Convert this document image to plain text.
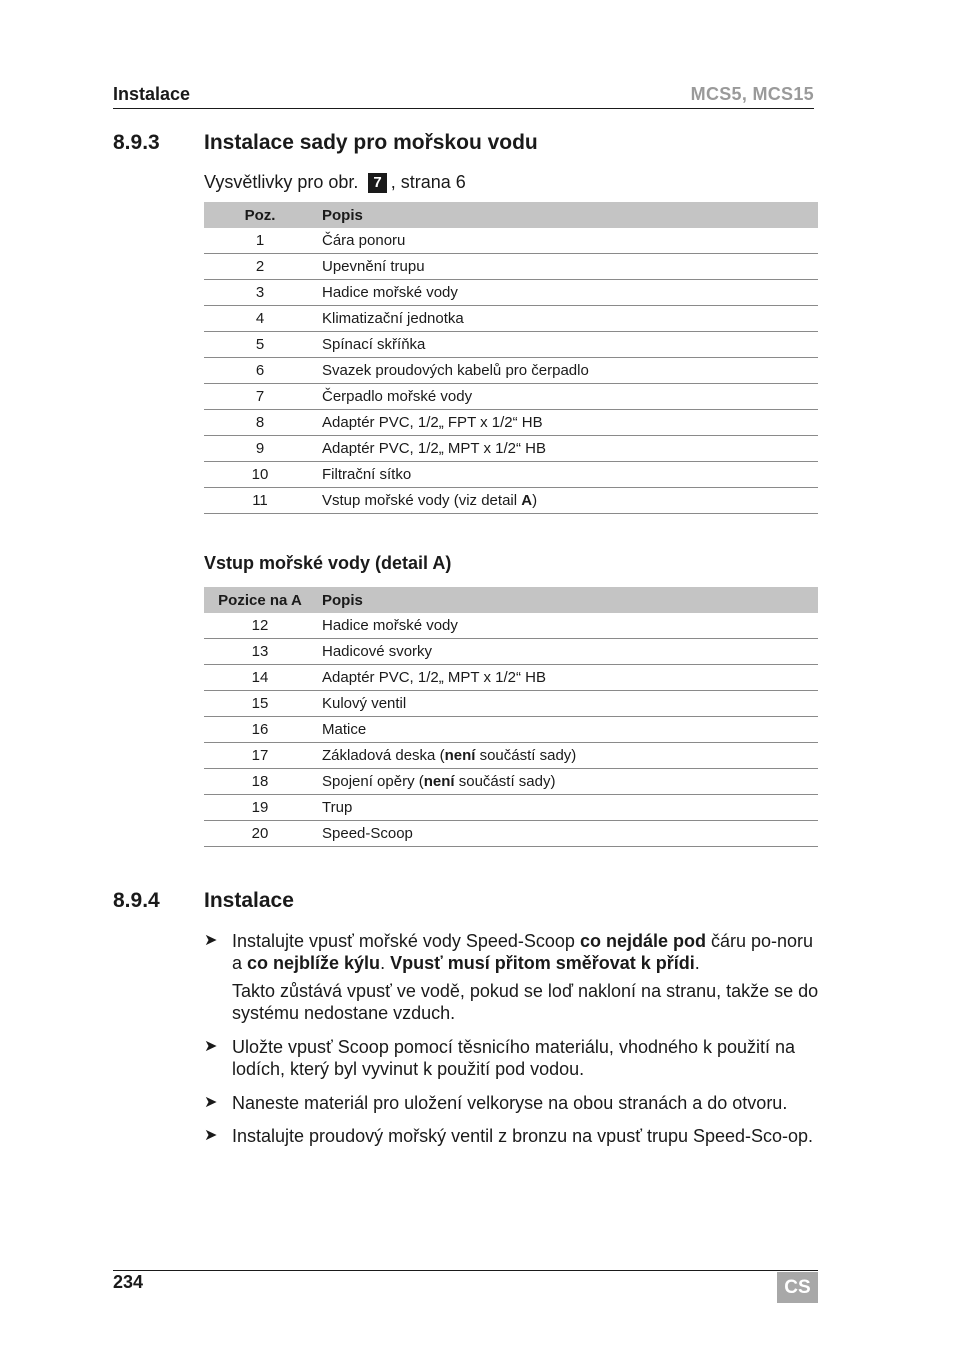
Instalace	MCS5, MCS15
8.9.3 Instalace sady pro mořskou vodu
Vysvětlivky pro obr. 7 , strana 6
Poz.	Popis
1	Čára ponoru
2	Upevnění trupu
3	Hadice mořské vody
4	Klimatizační jednotka
5	Spínací skříňka
6	Svazek proudových kabelů pro čerpadlo
7	Čerpadlo mořské vody
8	Adaptér PVC, 1/2„ FPT x 1/2“ HB
9	Adaptér PVC, 1/2„ MPT x 1/2“ HB
10	Filtrační sítko
11	Vstup mořské vody (viz detail A)
Vstup mořské vody (detail A)
Pozice na A	Popis
12	Hadice mořské vody
13	Hadicové svorky
14	Adaptér PVC, 1/2„ MPT x 1/2“ HB
15	Kulový ventil
16	Matice
17	Základová deska (není součástí sady)
18	Spojení opěry (není součástí sady)
19	Trup
20	Speed-Scoop
8.9.4 Instalace
➤ Instalujte vpusť mořské vody Speed-Scoop co nejdále pod čáru po-noru a co nejblíže kýlu. Vpusť musí přitom směřovat k přídi.
Takto zůstává vpusť ve vodě, pokud se loď nakloní na stranu, takže se do systému nedostane vzduch.
➤ Uložte vpusť Scoop pomocí těsnicího materiálu, vhodného k použití na lodích, který byl vyvinut k použití pod vodou.
➤ Naneste materiál pro uložení velkoryse na obou stranách a do otvoru.
➤ Instalujte proudový mořský ventil z bronzu na vpusť trupu Speed-Sco-op.
234	CS
